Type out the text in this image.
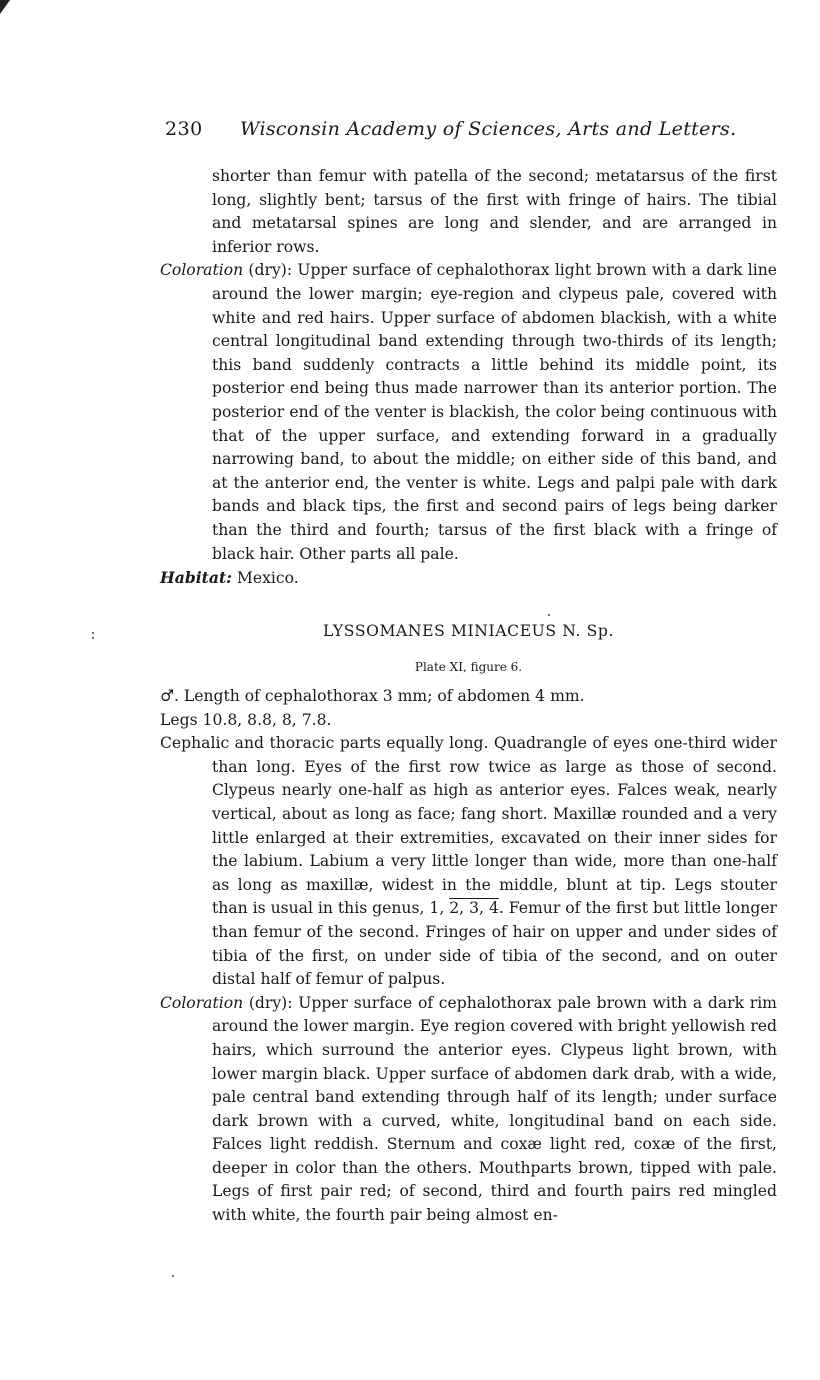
230	Wisconsin Academy of Sciences, Arts and Letters.

shorter than femur with patella of the second; metatarsus of the first long, slightly bent; tarsus of the first with fringe of hairs. The tibial and metatarsal spines are long and slender, and are arranged in inferior rows.

Coloration (dry): Upper surface of cephalothorax light brown with a dark line around the lower margin; eye-region and clypeus pale, covered with white and red hairs. Upper surface of abdomen blackish, with a white central longitudinal band extending through two-thirds of its length; this band suddenly contracts a little behind its middle point, its posterior end being thus made narrower than its anterior portion. The posterior end of the venter is blackish, the color being continuous with that of the upper surface, and extending forward in a gradually narrowing band, to about the middle; on either side of this band, and at the anterior end, the venter is white. Legs and palpi pale with dark bands and black tips, the first and second pairs of legs being darker than the third and fourth; tarsus of the first black with a fringe of black hair. Other parts all pale.

Habitat: Mexico.

LYSSOMANES MINIACEUS N. Sp.
Plate XI, figure 6.

♂. Length of cephalothorax 3 mm; of abdomen 4 mm.

Legs 10.8, 8.8, 8, 7.8.

Cephalic and thoracic parts equally long. Quadrangle of eyes one-third wider than long. Eyes of the first row twice as large as those of second. Clypeus nearly one-half as high as anterior eyes. Falces weak, nearly vertical, about as long as face; fang short. Maxillæ rounded and a very little enlarged at their extremities, excavated on their inner sides for the labium. Labium a very little longer than wide, more than one-half as long as maxillæ, widest in the middle, blunt at tip. Legs stouter than is usual in this genus, 1, 2, 3, 4. Femur of the first but little longer than femur of the second. Fringes of hair on upper and under sides of tibia of the first, on under side of tibia of the second, and on outer distal half of femur of palpus.

Coloration (dry): Upper surface of cephalothorax pale brown with a dark rim around the lower margin. Eye region covered with bright yellowish red hairs, which surround the anterior eyes. Clypeus light brown, with lower margin black. Upper surface of abdomen dark drab, with a wide, pale central band extending through half of its length; under surface dark brown with a curved, white, longitudinal band on each side. Falces light reddish. Sternum and coxæ light red, coxæ of the first, deeper in color than the others. Mouthparts brown, tipped with pale. Legs of first pair red; of second, third and fourth pairs red mingled with white, the fourth pair being almost en-
